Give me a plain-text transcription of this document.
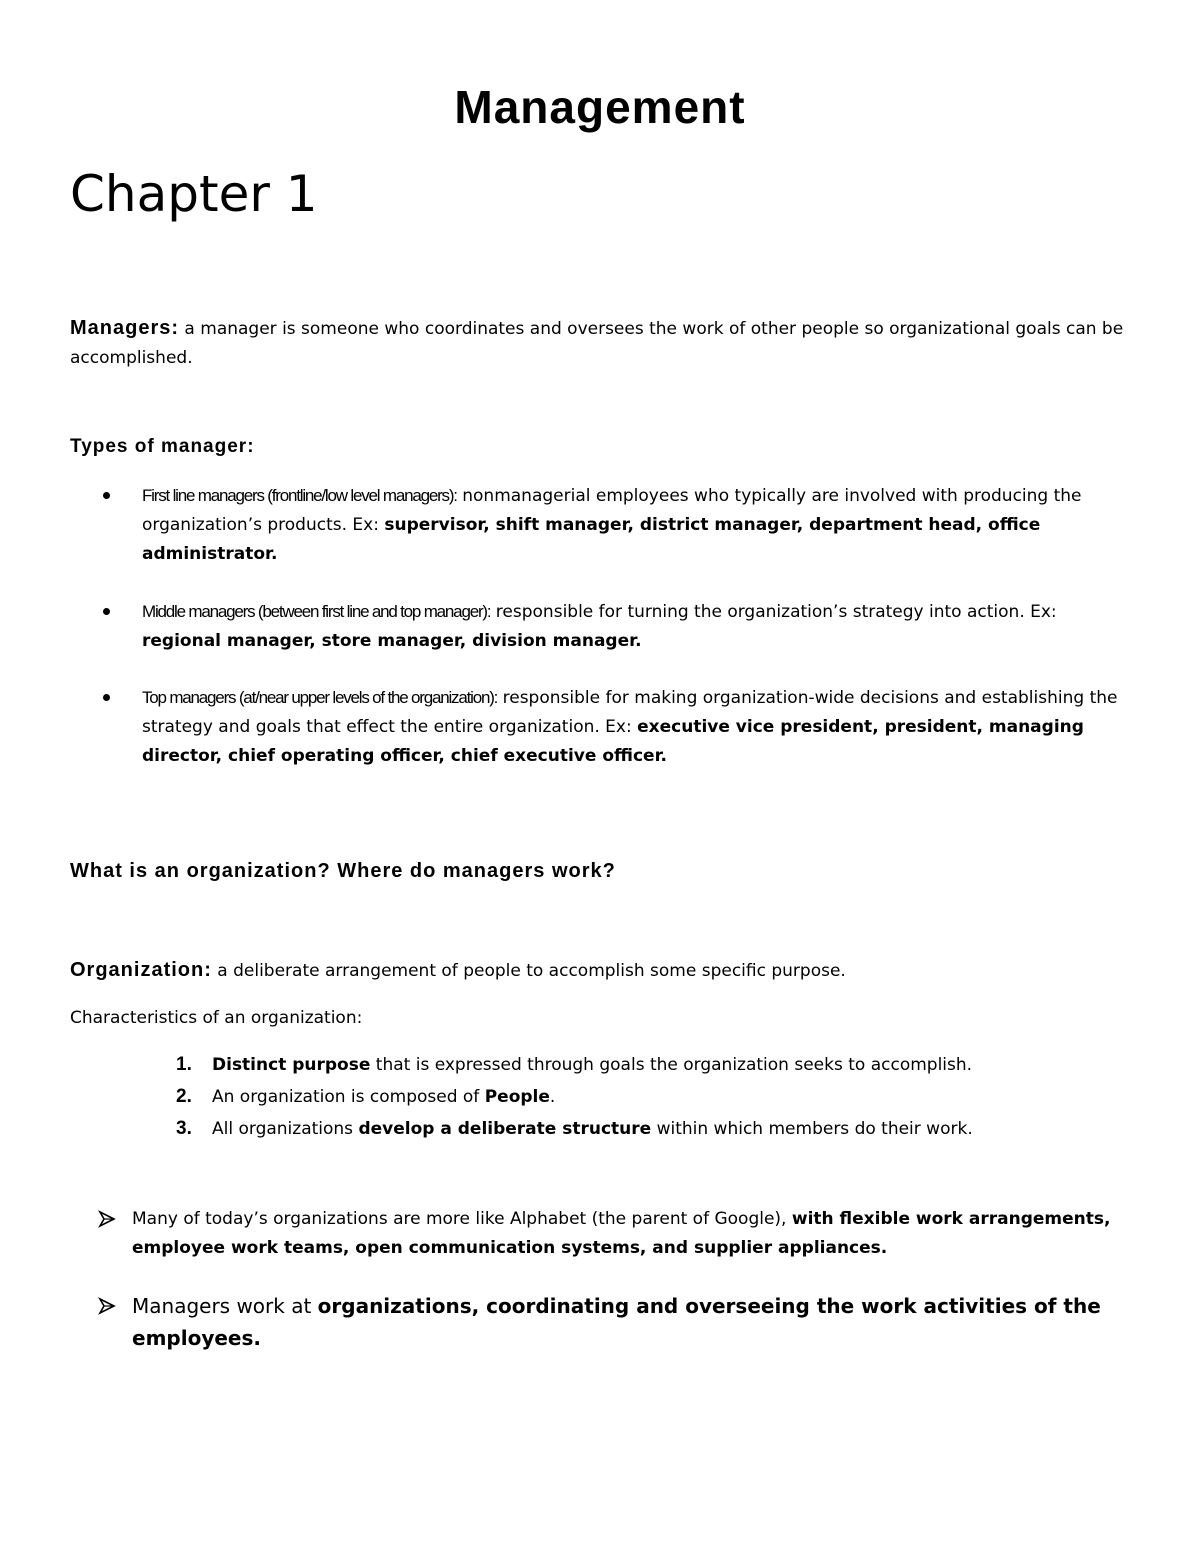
Management
Chapter 1

Managers: a manager is someone who coordinates and oversees the work of other people so organizational goals can be accomplished.

Types of manager:

First line managers (frontline/low level managers): nonmanagerial employees who typically are involved with producing the organization’s products. Ex: supervisor, shift manager, district manager, department head, office administrator.
Middle managers (between first line and top manager): responsible for turning the organization’s strategy into action. Ex: regional manager, store manager, division manager.
Top managers (at/near upper levels of the organization): responsible for making organization-wide decisions and establishing the strategy and goals that effect the entire organization. Ex: executive vice president, president, managing director, chief operating officer, chief executive officer.

What is an organization? Where do managers work?

Organization: a deliberate arrangement of people to accomplish some specific purpose.

Characteristics of an organization:

1. Distinct purpose that is expressed through goals the organization seeks to accomplish.
2. An organization is composed of People.
3. All organizations develop a deliberate structure within which members do their work.
Many of today’s organizations are more like Alphabet (the parent of Google), with flexible work arrangements, employee work teams, open communication systems, and supplier appliances.
Managers work at organizations, coordinating and overseeing the work activities of the employees.
